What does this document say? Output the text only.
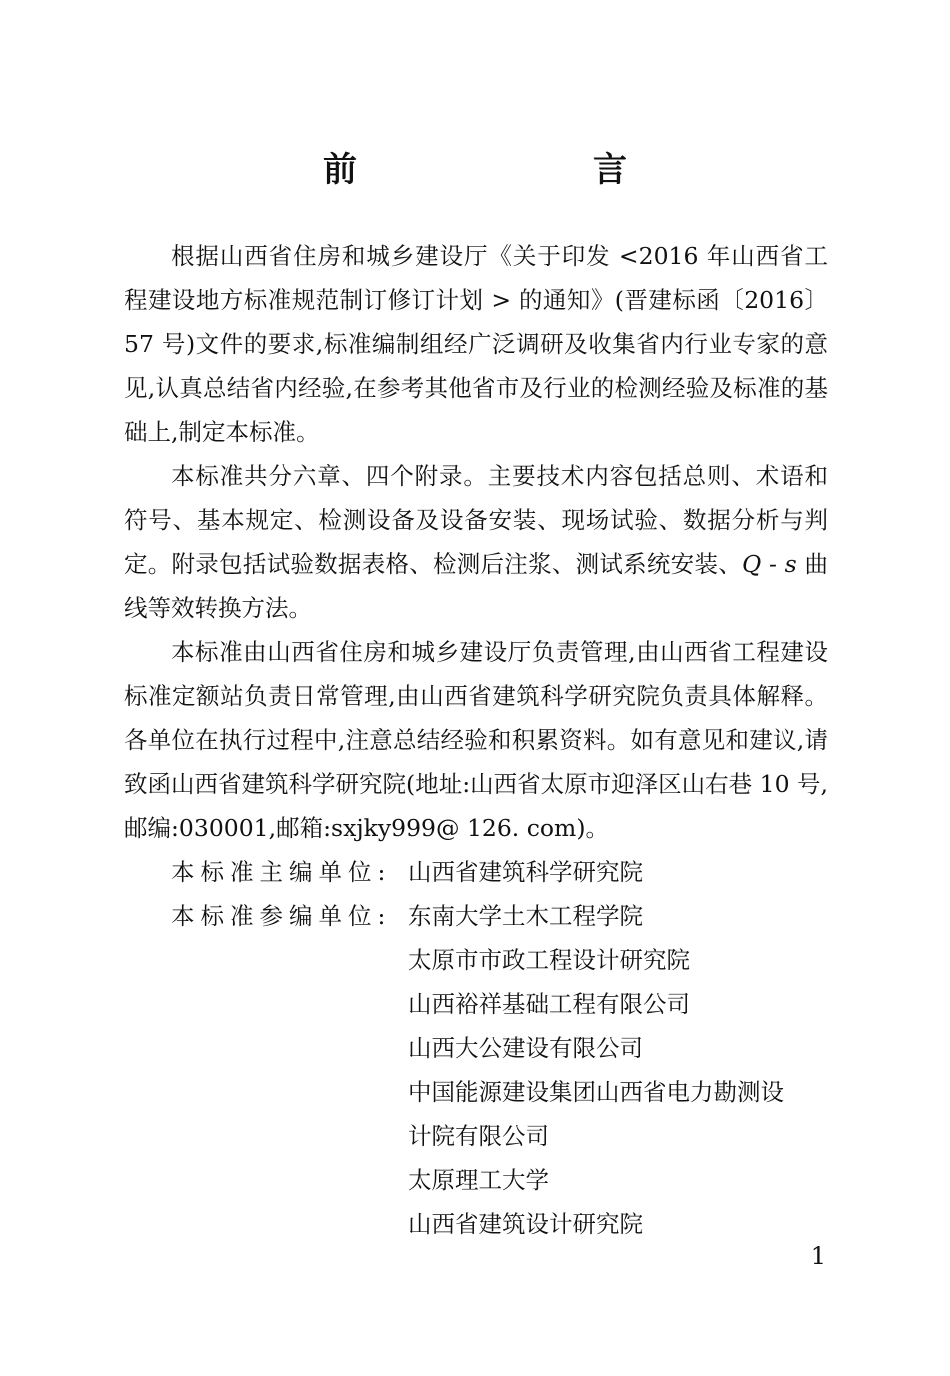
前　　言

根据山西省住房和城乡建设厅《关于印发 <2016 年山西省工程建设地方标准规范制订修订计划 > 的通知》(晋建标函〔2016〕57 号)文件的要求,标准编制组经广泛调研及收集省内行业专家的意见,认真总结省内经验,在参考其他省市及行业的检测经验及标准的基础上,制定本标准。

本标准共分六章、四个附录。主要技术内容包括总则、术语和符号、基本规定、检测设备及设备安装、现场试验、数据分析与判定。附录包括试验数据表格、检测后注浆、测试系统安装、Q - s 曲线等效转换方法。

本标准由山西省住房和城乡建设厅负责管理,由山西省工程建设标准定额站负责日常管理,由山西省建筑科学研究院负责具体解释。各单位在执行过程中,注意总结经验和积累资料。如有意见和建议,请致函山西省建筑科学研究院(地址:山西省太原市迎泽区山右巷 10 号,邮编:030001,邮箱:sxjky999@ 126. com)。

本标准主编单位: 山西省建筑科学研究院
本标准参编单位: 东南大学土木工程学院
太原市市政工程设计研究院
山西裕祥基础工程有限公司
山西大公建设有限公司
中国能源建设集团山西省电力勘测设
计院有限公司
太原理工大学
山西省建筑设计研究院
1
